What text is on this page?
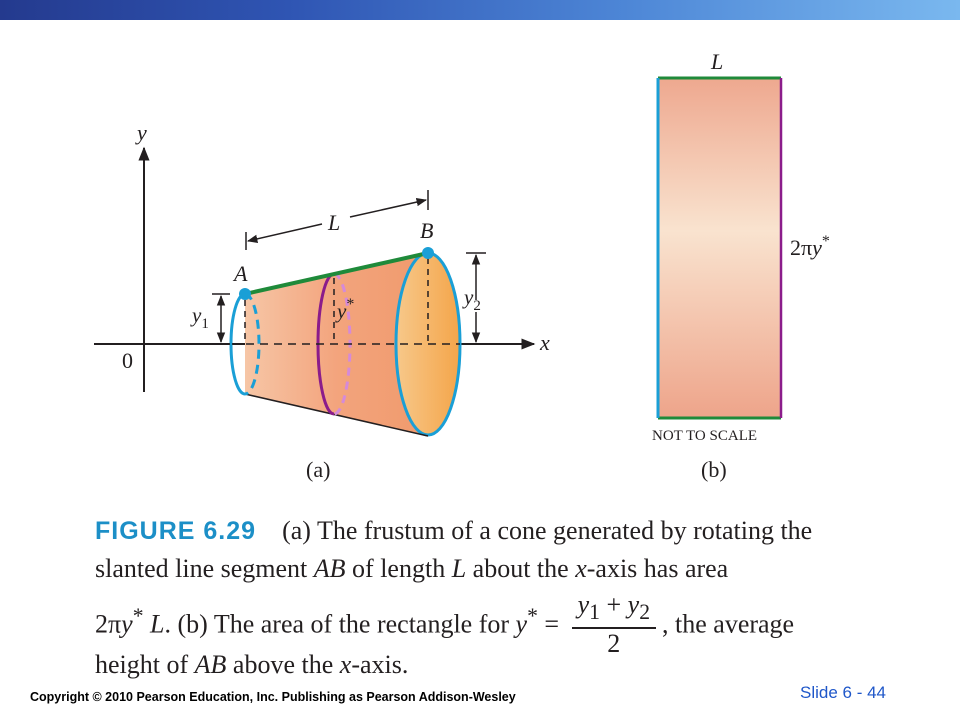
y
x
0
A
B
L
$y_1$
y*	$y_2$
(a)
L
2πy*
NOT TO SCALE
(b)
FIGURE 6.29 (a) The frustum of a cone generated by rotating the
slanted line segment AB of length L about the x-axis has area
2πy* L. (b) The area of the rectangle for $y^* = \frac{y_1 + y_2}{2}$ , the average
height of AB above the x-axis.
Copyright © 2010 Pearson Education, Inc. Publishing as Pearson Addison-Wesley	Slide 6 - 44
